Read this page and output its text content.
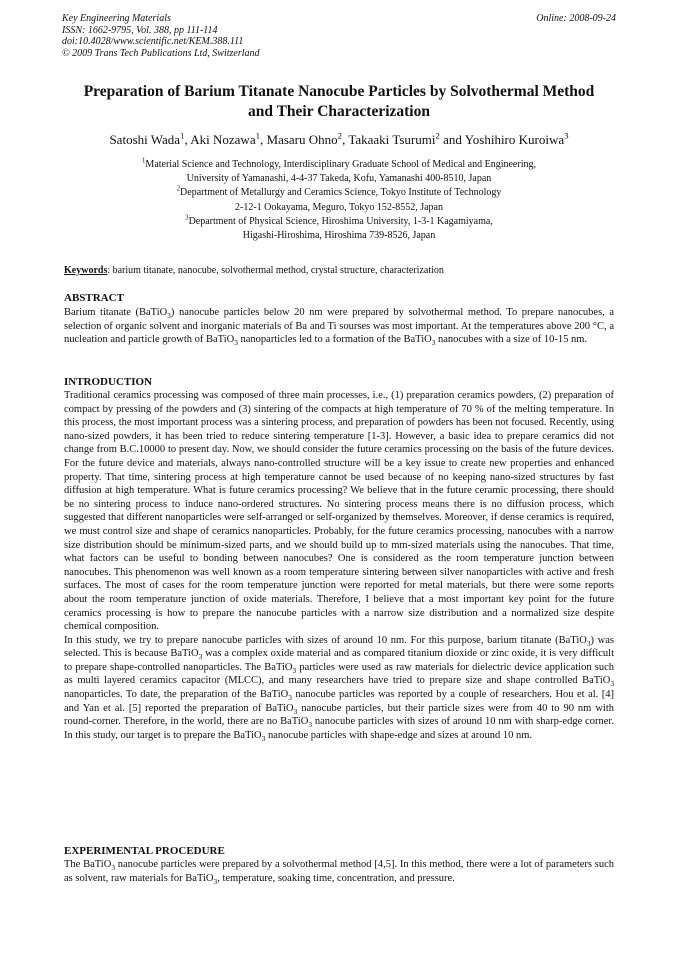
Key Engineering Materials
ISSN: 1662-9795, Vol. 388, pp 111-114
doi:10.4028/www.scientific.net/KEM.388.111
© 2009 Trans Tech Publications Ltd, Switzerland
Online: 2008-09-24
Preparation of Barium Titanate Nanocube Particles by Solvothermal Method
and Their Characterization
Satoshi Wada$^1$, Aki Nozawa$^1$, Masaru Ohno$^2$, Takaaki Tsurumi$^2$ and Yoshihiro Kuroiwa$^3$
$^1$Material Science and Technology, Interdisciplinary Graduate School of Medical and Engineering,
University of Yamanashi, 4-4-37 Takeda, Kofu, Yamanashi 400-8510, Japan
$^2$Department of Metallurgy and Ceramics Science, Tokyo Institute of Technology
2-12-1 Ookayama, Meguro, Tokyo 152-8552, Japan
$^3$Department of Physical Science, Hiroshima University, 1-3-1 Kagamiyama,
Higashi-Hiroshima, Hiroshima 739-8526, Japan
Keywords: barium titanate, nanocube, solvothermal method, crystal structure, characterization
ABSTRACT

Barium titanate (BaTiO$_3$) nanocube particles below 20 nm were prepared by solvothermal method. To prepare nanocubes, a selection of organic solvent and inorganic materials of Ba and Ti sourses was most important. At the temperatures above 200 °C, a nucleation and particle growth of BaTiO$_3$ nanoparticles led to a formation of the BaTiO$_3$ nanocubes with a size of 10-15 nm.

INTRODUCTION

Traditional ceramics processing was composed of three main processes, i.e., (1) preparation ceramics powders, (2) preparation of compact by pressing of the powders and (3) sintering of the compacts at high temperature of 70 % of the melting temperature. In this process, the most important process was a sintering process, and preparation of powders has been not focused. Recently, using nano-sized powders, it has been tried to reduce sintering temperature [1-3]. However, a basic idea to prepare ceramics did not change from B.C.10000 to present day. Now, we should consider the future ceramics processing on the basis of the future devices. For the future device and materials, always nano-controlled structure will be a key issue to create new properties and enhanced property. That time, sintering process at high temperature cannot be used because of no keeping nano-sized structures by fast diffusion at high temperature. What is future ceramics processing? We believe that in the future ceramic processing, there should be no sintering process to induce nano-ordered structures. No sintering process means there is no diffusion process, which suggested that different nanoparticles were self-arranged or self-organized by themselves. Moreover, if dense ceramics is required, we must control size and shape of ceramics nanoparticles. Probably, for the future ceramics processing, nanocubes with a narrow size distribution should be minimum-sized parts, and we should build up to mm-sized materials using the nanocubes. That time, what factors can be useful to bonding between nanocubes? One is considered as the room temperature junction between nanocubes. This phenomenon was well known as a room temperature sintering between silver nanoparticles with active and fresh surfaces. The most of cases for the room temperature junction were reported for metal materials, but there were some reports about the room temperature junction of oxide materials. Therefore, I believe that a most important key point for the future ceramics processing is how to prepare the nanocube particles with a narrow size distribution and a normalized size despite chemical composition.

In this study, we try to prepare nanocube particles with sizes of around 10 nm. For this purpose, barium titanate (BaTiO$_3$) was selected. This is because BaTiO$_3$ was a complex oxide material and as compared titanium dioxide or zinc oxide, it is very difficult to prepare shape-controlled nanoparticles. The BaTiO$_3$ particles were used as raw materials for dielectric device application such as multi layered ceramics capacitor (MLCC), and many researchers have tried to prepare size and shape controlled BaTiO$_3$ nanoparticles. To date, the preparation of the BaTiO$_3$ nanocube particles was reported by a couple of researchers. Hou et al. [4] and Yan et al. [5] reported the preparation of BaTiO$_3$ nanocube particles, but their particle sizes were from 40 to 90 nm with round-corner. Therefore, in the world, there are no BaTiO$_3$ nanocube particles with sizes of around 10 nm with sharp-edge corner. In this study, our target is to prepare the BaTiO$_3$ nanocube particles with shape-edge and sizes at around 10 nm.

EXPERIMENTAL PROCEDURE

The BaTiO$_3$ nanocube particles were prepared by a solvothermal method [4,5]. In this method, there were a lot of parameters such as solvent, raw materials for BaTiO$_3$, temperature, soaking time, concentration, and pressure.
